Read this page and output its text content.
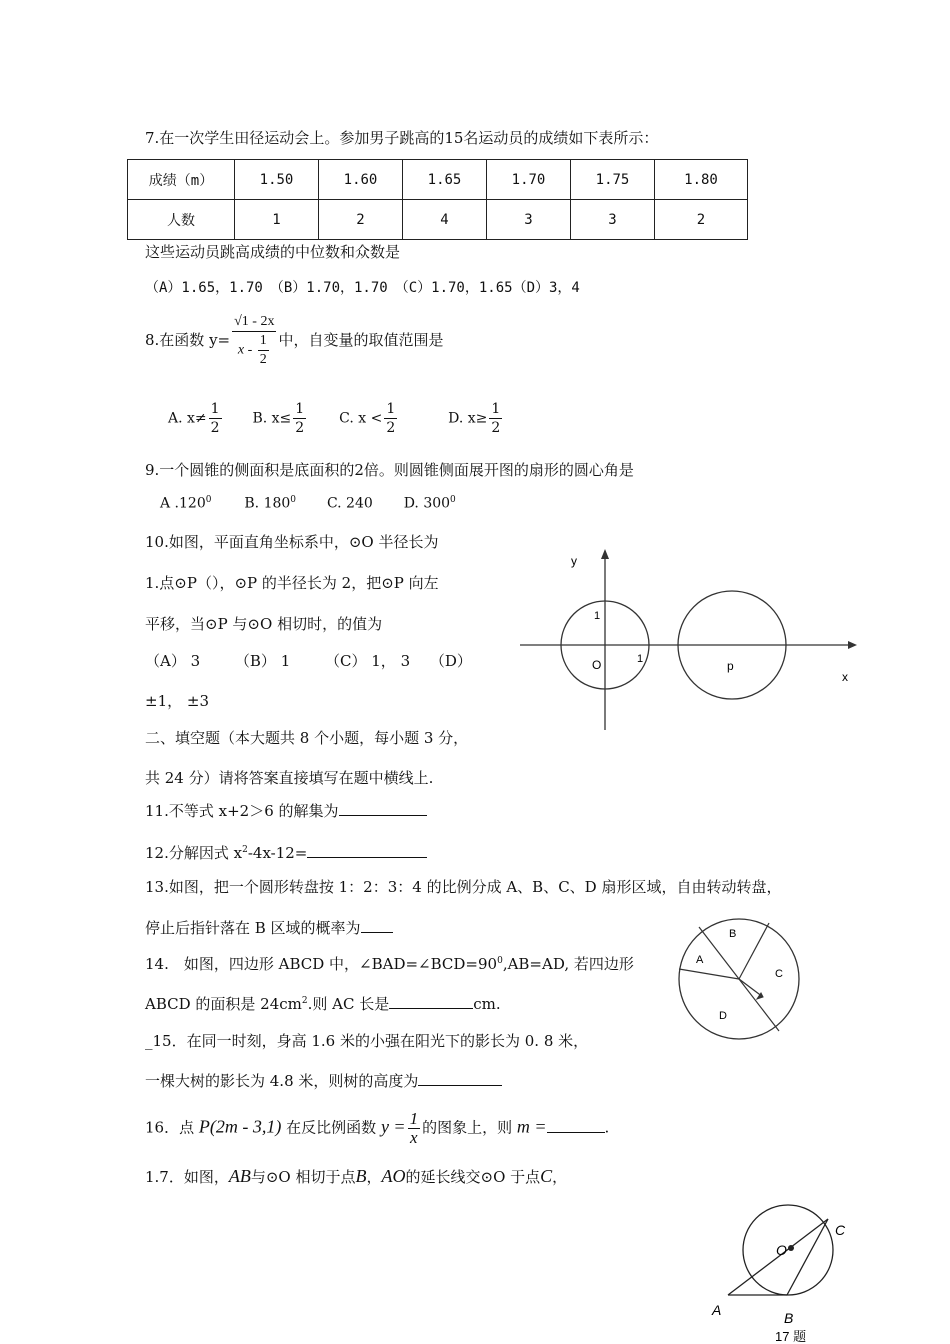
7.在一次学生田径运动会上。参加男子跳高的15名运动员的成绩如下表所示：
成绩（m）	1.50	1.60	1.65	1.70	1.75	1.80
人数	1	2	4	3	3	2
这些运动员跳高成绩的中位数和众数是
（A）1.65，1.70　（B）1.70，1.70　（C）1.70，1.65（D）3，4
8.在函数 $y= \frac{√1 - 2x}{x - \frac{1}{2}}$ 中，自变量的取值范围是
A. $x\ne \frac{1}{2} B$. $x\le \frac{1}{2} C$. $x < \frac{1}{2}$	D. $x\ge \frac{1}{2}$
9.一个圆锥的侧面积是底面积的2倍。则圆锥侧面展开图的扇形的圆心角是
A .120$^0$ B. $180^0$ C. 240 D. $300^0$
10.如图，平面直角坐标系中，⊙O 半径长为
1.点⊙P（），⊙P 的半径长为 2，把⊙P 向左
平移，当⊙P 与⊙O 相切时，的值为
（A） 3　　 （B） 1　　 （C） 1， 3　 （D）
±1， ±3
y
x
O	p
1
1
二、填空题（本大题共 8 个小题，每小题 3 分，
共 24 分）请将答案直接填写在题中横线上.
11.不等式 x+2＞6 的解集为
12.分解因式 $x^2-4x-12=$
13.如图，把一个圆形转盘按 1：2：3：4 的比例分成 A、B、C、D 扇形区域，自由转动转盘，
停止后指针落在 B 区域的概率为	B
A
C
D
14.　如图，四边形 ABCD 中，$\angle BAD=\angle BCD=90^0,AB=AD$, 若四边形
ABCD 的面积是 $24cm^2$.则 AC 长是	cm.
_15．在同一时刻，身高 1.6 米的小强在阳光下的影长为 0. 8 米，
一棵大树的影长为 4.8 米，则树的高度为
16．点 P(2m - 3,1) 在反比例函数 $y = \frac{1}{x}$ 的图象上，则 m =	.
1.7．如图，AB与⊙O 相切于点B，AO的延长线交⊙O 于点C，
O
C
A	B
17 题
